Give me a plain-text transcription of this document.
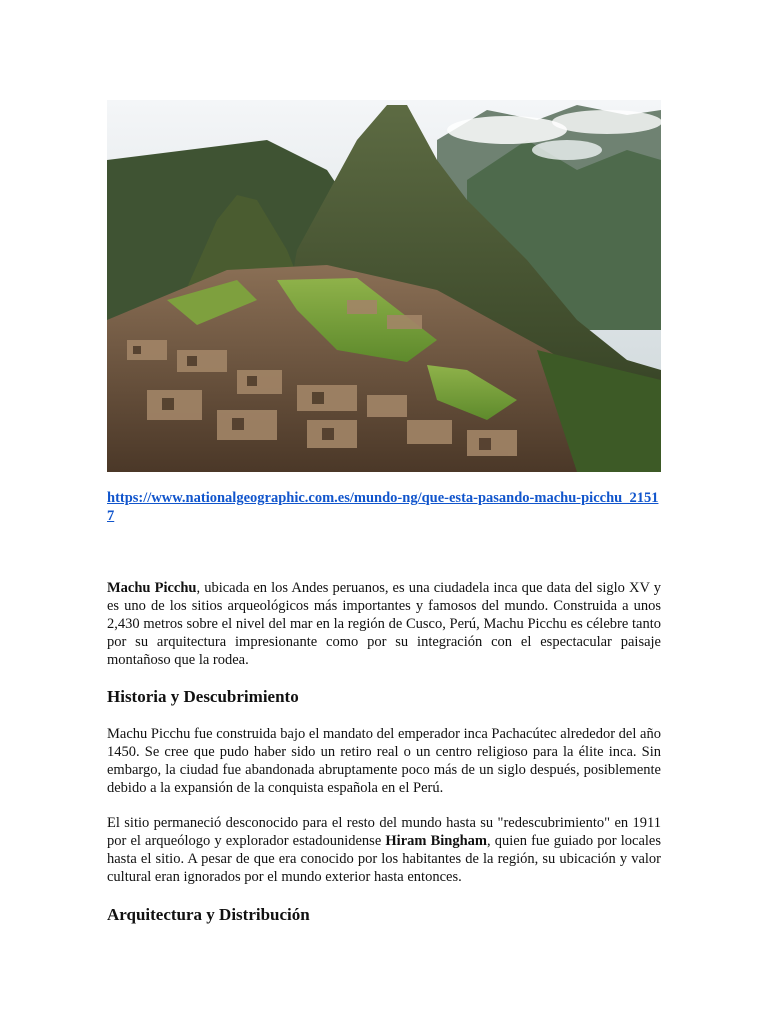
https://www.nationalgeographic.com.es/mundo-ng/que-esta-pasando-machu-picchu_21517

Machu Picchu, ubicada en los Andes peruanos, es una ciudadela inca que data del siglo XV y es uno de los sitios arqueológicos más importantes y famosos del mundo. Construida a unos 2,430 metros sobre el nivel del mar en la región de Cusco, Perú, Machu Picchu es célebre tanto por su arquitectura impresionante como por su integración con el espectacular paisaje montañoso que la rodea.

Historia y Descubrimiento

Machu Picchu fue construida bajo el mandato del emperador inca Pachacútec alrededor del año 1450. Se cree que pudo haber sido un retiro real o un centro religioso para la élite inca. Sin embargo, la ciudad fue abandonada abruptamente poco más de un siglo después, posiblemente debido a la expansión de la conquista española en el Perú.

El sitio permaneció desconocido para el resto del mundo hasta su "redescubrimiento" en 1911 por el arqueólogo y explorador estadounidense Hiram Bingham, quien fue guiado por locales hasta el sitio. A pesar de que era conocido por los habitantes de la región, su ubicación y valor cultural eran ignorados por el mundo exterior hasta entonces.

Arquitectura y Distribución
